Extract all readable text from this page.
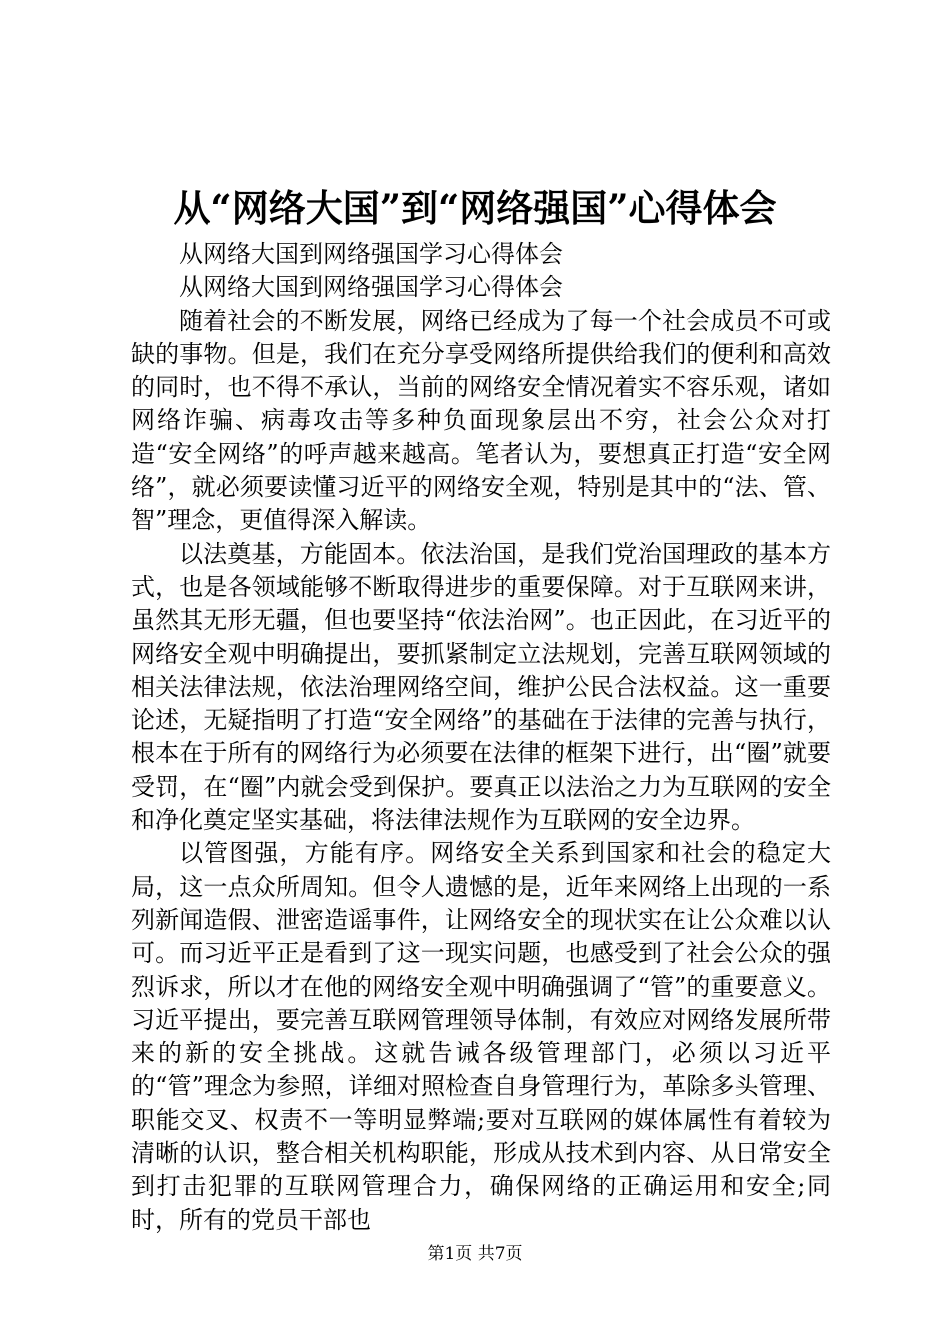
从“网络大国”到“网络强国”心得体会

从网络大国到网络强国学习心得体会

从网络大国到网络强国学习心得体会

随着社会的不断发展，网络已经成为了每一个社会成员不可或缺的事物。但是，我们在充分享受网络所提供给我们的便利和高效的同时，也不得不承认，当前的网络安全情况着实不容乐观，诸如网络诈骗、病毒攻击等多种负面现象层出不穷，社会公众对打造“安全网络”的呼声越来越高。笔者认为，要想真正打造“安全网络”，就必须要读懂习近平的网络安全观，特别是其中的“法、管、智”理念，更值得深入解读。

以法奠基，方能固本。依法治国，是我们党治国理政的基本方式，也是各领域能够不断取得进步的重要保障。对于互联网来讲，虽然其无形无疆，但也要坚持“依法治网”。也正因此，在习近平的网络安全观中明确提出，要抓紧制定立法规划，完善互联网领域的相关法律法规，依法治理网络空间，维护公民合法权益。这一重要论述，无疑指明了打造“安全网络”的基础在于法律的完善与执行，根本在于所有的网络行为必须要在法律的框架下进行，出“圈”就要受罚，在“圈”内就会受到保护。要真正以法治之力为互联网的安全和净化奠定坚实基础，将法律法规作为互联网的安全边界。

以管图强，方能有序。网络安全关系到国家和社会的稳定大局，这一点众所周知。但令人遗憾的是，近年来网络上出现的一系列新闻造假、泄密造谣事件，让网络安全的现状实在让公众难以认可。而习近平正是看到了这一现实问题，也感受到了社会公众的强烈诉求，所以才在他的网络安全观中明确强调了“管”的重要意义。习近平提出，要完善互联网管理领导体制，有效应对网络发展所带来的新的安全挑战。这就告诫各级管理部门，必须以习近平的“管”理念为参照，详细对照检查自身管理行为，革除多头管理、职能交叉、权责不一等明显弊端;要对互联网的媒体属性有着较为清晰的认识，整合相关机构职能，形成从技术到内容、从日常安全到打击犯罪的互联网管理合力，确保网络的正确运用和安全;同时，所有的党员干部也

第1页 共7页
